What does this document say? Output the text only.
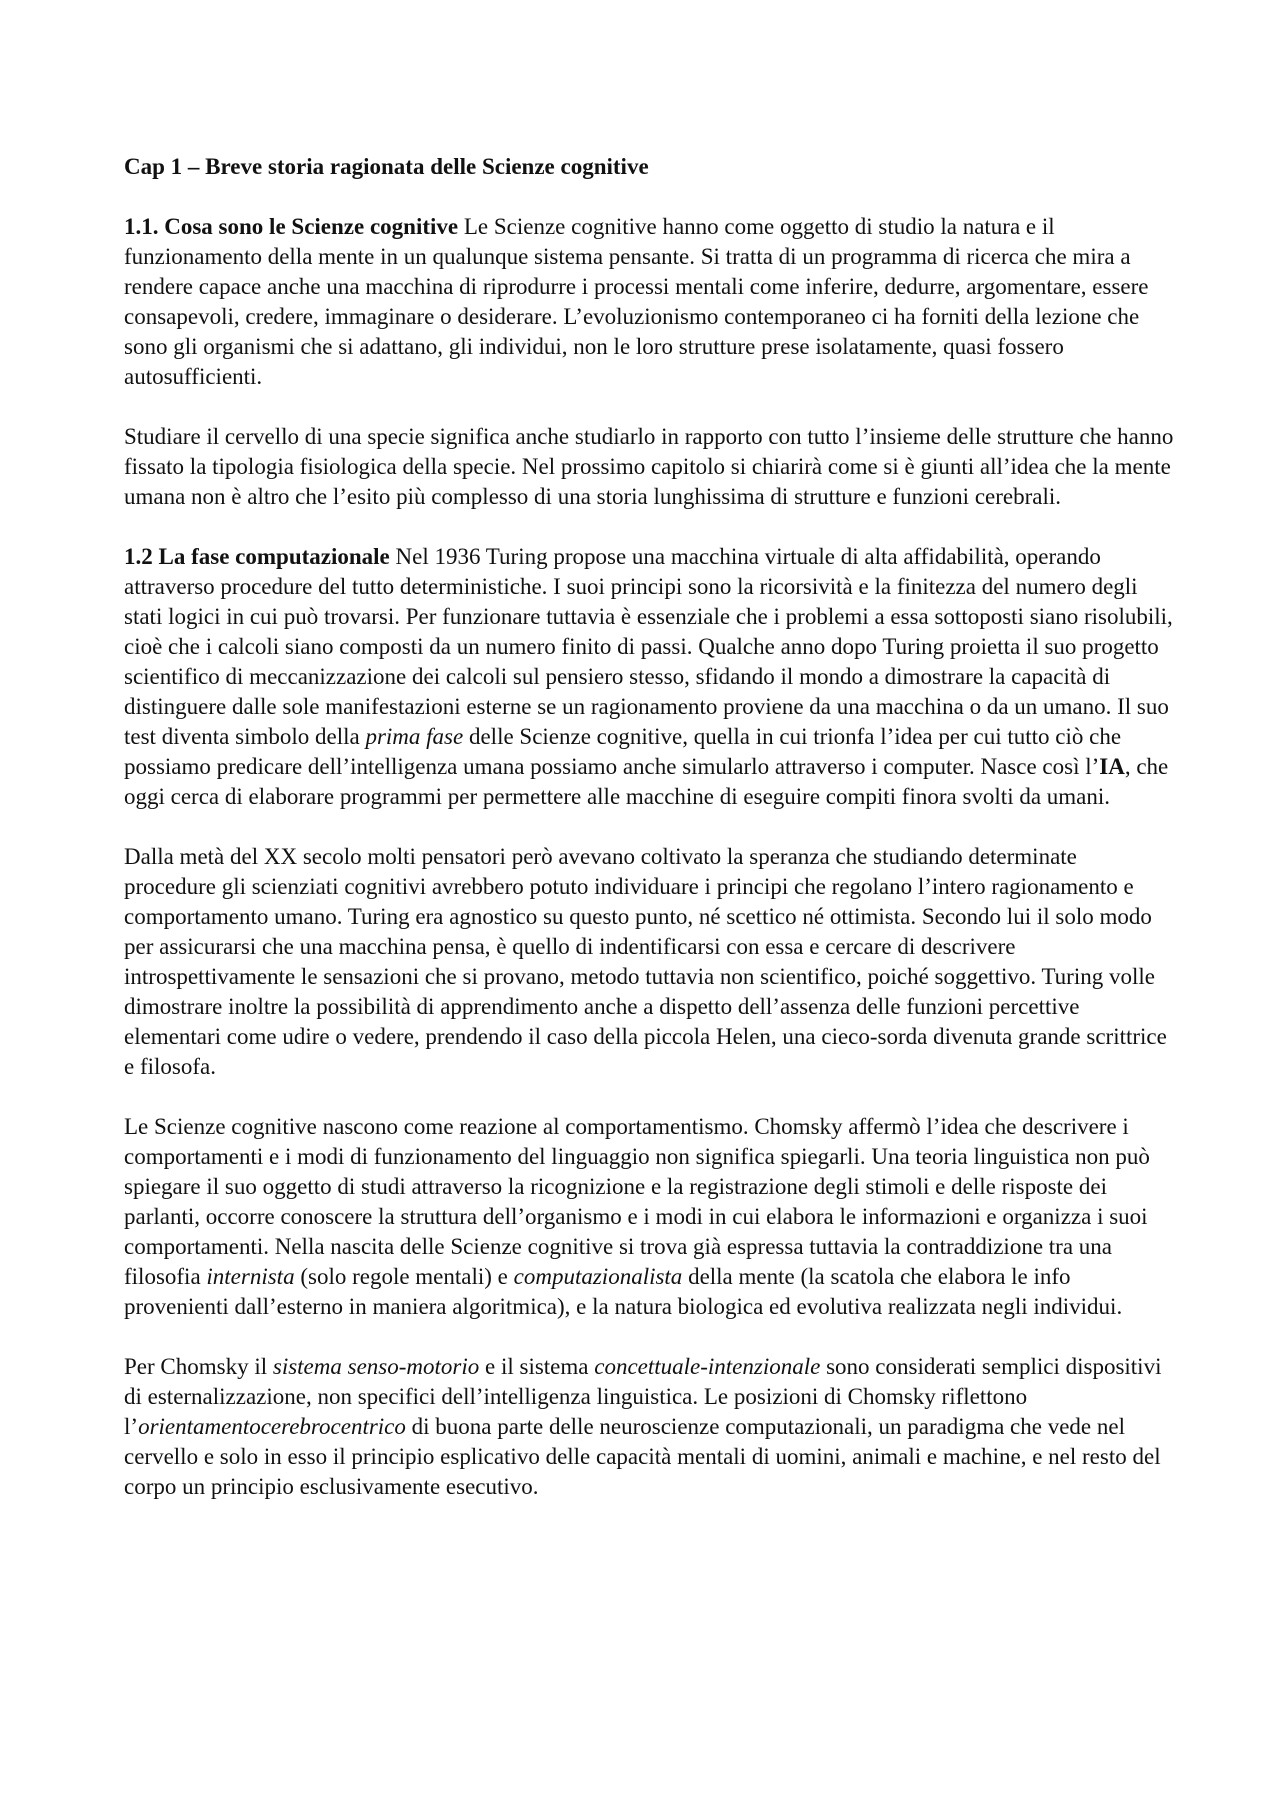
Cap 1 – Breve storia ragionata delle Scienze cognitive

1.1. Cosa sono le Scienze cognitive Le Scienze cognitive hanno come oggetto di studio la natura e il funzionamento della mente in un qualunque sistema pensante. Si tratta di un programma di ricerca che mira a rendere capace anche una macchina di riprodurre i processi mentali come inferire, dedurre, argomentare, essere consapevoli, credere, immaginare o desiderare. L’evoluzionismo contemporaneo ci ha forniti della lezione che sono gli organismi che si adattano, gli individui, non le loro strutture prese isolatamente, quasi fossero autosufficienti.

Studiare il cervello di una specie significa anche studiarlo in rapporto con tutto l’insieme delle strutture che hanno fissato la tipologia fisiologica della specie. Nel prossimo capitolo si chiarirà come si è giunti all’idea che la mente umana non è altro che l’esito più complesso di una storia lunghissima di strutture e funzioni cerebrali.

1.2 La fase computazionale Nel 1936 Turing propose una macchina virtuale di alta affidabilità, operando attraverso procedure del tutto deterministiche. I suoi principi sono la ricorsività e la finitezza del numero degli stati logici in cui può trovarsi. Per funzionare tuttavia è essenziale che i problemi a essa sottoposti siano risolubili, cioè che i calcoli siano composti da un numero finito di passi. Qualche anno dopo Turing proietta il suo progetto scientifico di meccanizzazione dei calcoli sul pensiero stesso, sfidando il mondo a dimostrare la capacità di distinguere dalle sole manifestazioni esterne se un ragionamento proviene da una macchina o da un umano. Il suo test diventa simbolo della prima fase delle Scienze cognitive, quella in cui trionfa l’idea per cui tutto ciò che possiamo predicare dell’intelligenza umana possiamo anche simularlo attraverso i computer. Nasce così l’IA, che oggi cerca di elaborare programmi per permettere alle macchine di eseguire compiti finora svolti da umani.

Dalla metà del XX secolo molti pensatori però avevano coltivato la speranza che studiando determinate procedure gli scienziati cognitivi avrebbero potuto individuare i principi che regolano l’intero ragionamento e comportamento umano. Turing era agnostico su questo punto, né scettico né ottimista. Secondo lui il solo modo per assicurarsi che una macchina pensa, è quello di indentificarsi con essa e cercare di descrivere introspettivamente le sensazioni che si provano, metodo tuttavia non scientifico, poiché soggettivo. Turing volle dimostrare inoltre la possibilità di apprendimento anche a dispetto dell’assenza delle funzioni percettive elementari come udire o vedere, prendendo il caso della piccola Helen, una cieco-sorda divenuta grande scrittrice e filosofa.

Le Scienze cognitive nascono come reazione al comportamentismo. Chomsky affermò l’idea che descrivere i comportamenti e i modi di funzionamento del linguaggio non significa spiegarli. Una teoria linguistica non può spiegare il suo oggetto di studi attraverso la ricognizione e la registrazione degli stimoli e delle risposte dei parlanti, occorre conoscere la struttura dell’organismo e i modi in cui elabora le informazioni e organizza i suoi comportamenti. Nella nascita delle Scienze cognitive si trova già espressa tuttavia la contraddizione tra una filosofia internista (solo regole mentali) e computazionalista della mente (la scatola che elabora le info provenienti dall’esterno in maniera algoritmica), e la natura biologica ed evolutiva realizzata negli individui.

Per Chomsky il sistema senso-motorio e il sistema concettuale-intenzionale sono considerati semplici dispositivi di esternalizzazione, non specifici dell’intelligenza linguistica. Le posizioni di Chomsky riflettono l’orientamentocerebrocentrico di buona parte delle neuroscienze computazionali, un paradigma che vede nel cervello e solo in esso il principio esplicativo delle capacità mentali di uomini, animali e machine, e nel resto del corpo un principio esclusivamente esecutivo.
